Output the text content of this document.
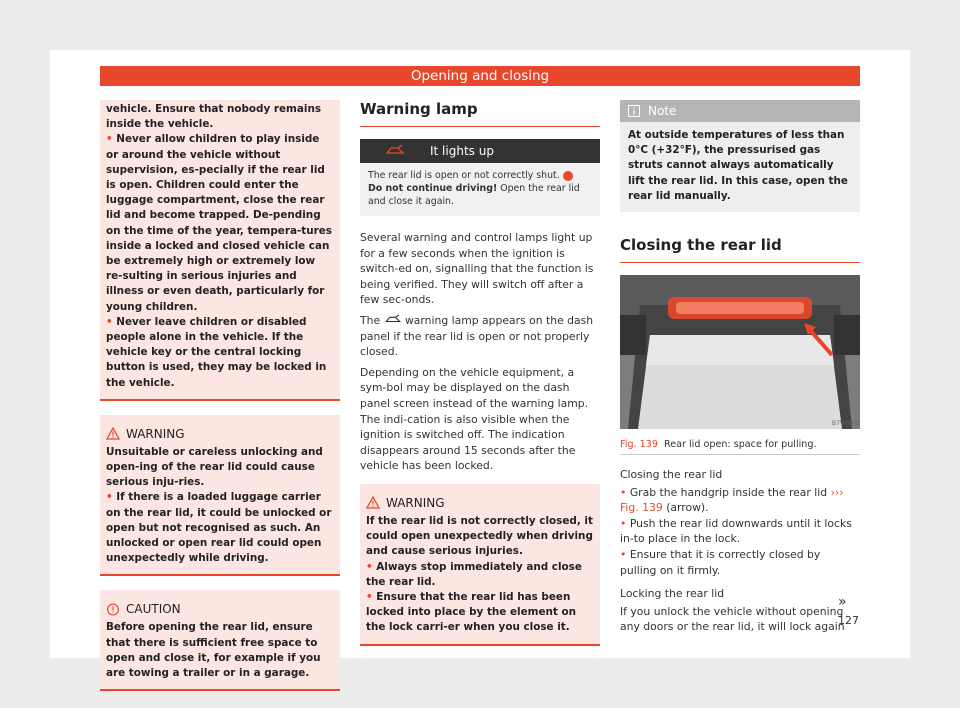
Opening and closing

vehicle. Ensure that nobody remains inside the vehicle.

• Never allow children to play inside or around the vehicle without supervision, es-pecially if the rear lid is open. Children could enter the luggage compartment, close the rear lid and become trapped. De-pending on the time of the year, tempera-tures inside a locked and closed vehicle can be extremely high or extremely low re-sulting in serious injuries and illness or even death, particularly for young children.

• Never leave children or disabled people alone in the vehicle. If the vehicle key or the central locking button is used, they may be locked in the vehicle.

WARNING

Unsuitable or careless unlocking and open-ing of the rear lid could cause serious inju-ries.

• If there is a loaded luggage carrier on the rear lid, it could be unlocked or open but not recognised as such. An unlocked or open rear lid could open unexpectedly while driving.

CAUTION

Before opening the rear lid, ensure that there is sufficient free space to open and close it, for example if you are towing a trailer or in a garage.

Warning lamp
It lights up
The rear lid is open or not correctly shut.
Do not continue driving! Open the rear lid and close it again.

Several warning and control lamps light up for a few seconds when the ignition is switch-ed on, signalling that the function is being verified. They will switch off after a few sec-onds.

The warning lamp appears on the dash panel if the rear lid is open or not properly closed.

Depending on the vehicle equipment, a sym-bol may be displayed on the dash panel screen instead of the warning lamp. The indi-cation is also visible when the ignition is switched off. The indication disappears around 15 seconds after the vehicle has been locked.

WARNING

If the rear lid is not correctly closed, it could open unexpectedly when driving and cause serious injuries.

• Always stop immediately and close the rear lid.

• Ensure that the rear lid has been locked into place by the element on the lock carri-er when you close it.

Note
At outside temperatures of less than 0°C (+32°F), the pressurised gas struts cannot always automatically lift the rear lid. In this case, open the rear lid manually.
Closing the rear lid
B7V-0925
Fig. 139 Rear lid open: space for pulling.

Closing the rear lid

• Grab the handgrip inside the rear lid ››› Fig. 139 (arrow).

• Push the rear lid downwards until it locks in-to place in the lock.

• Ensure that it is correctly closed by pulling on it firmly.

Locking the rear lid

If you unlock the vehicle without opening any doors or the rear lid, it will lock again

»
127
